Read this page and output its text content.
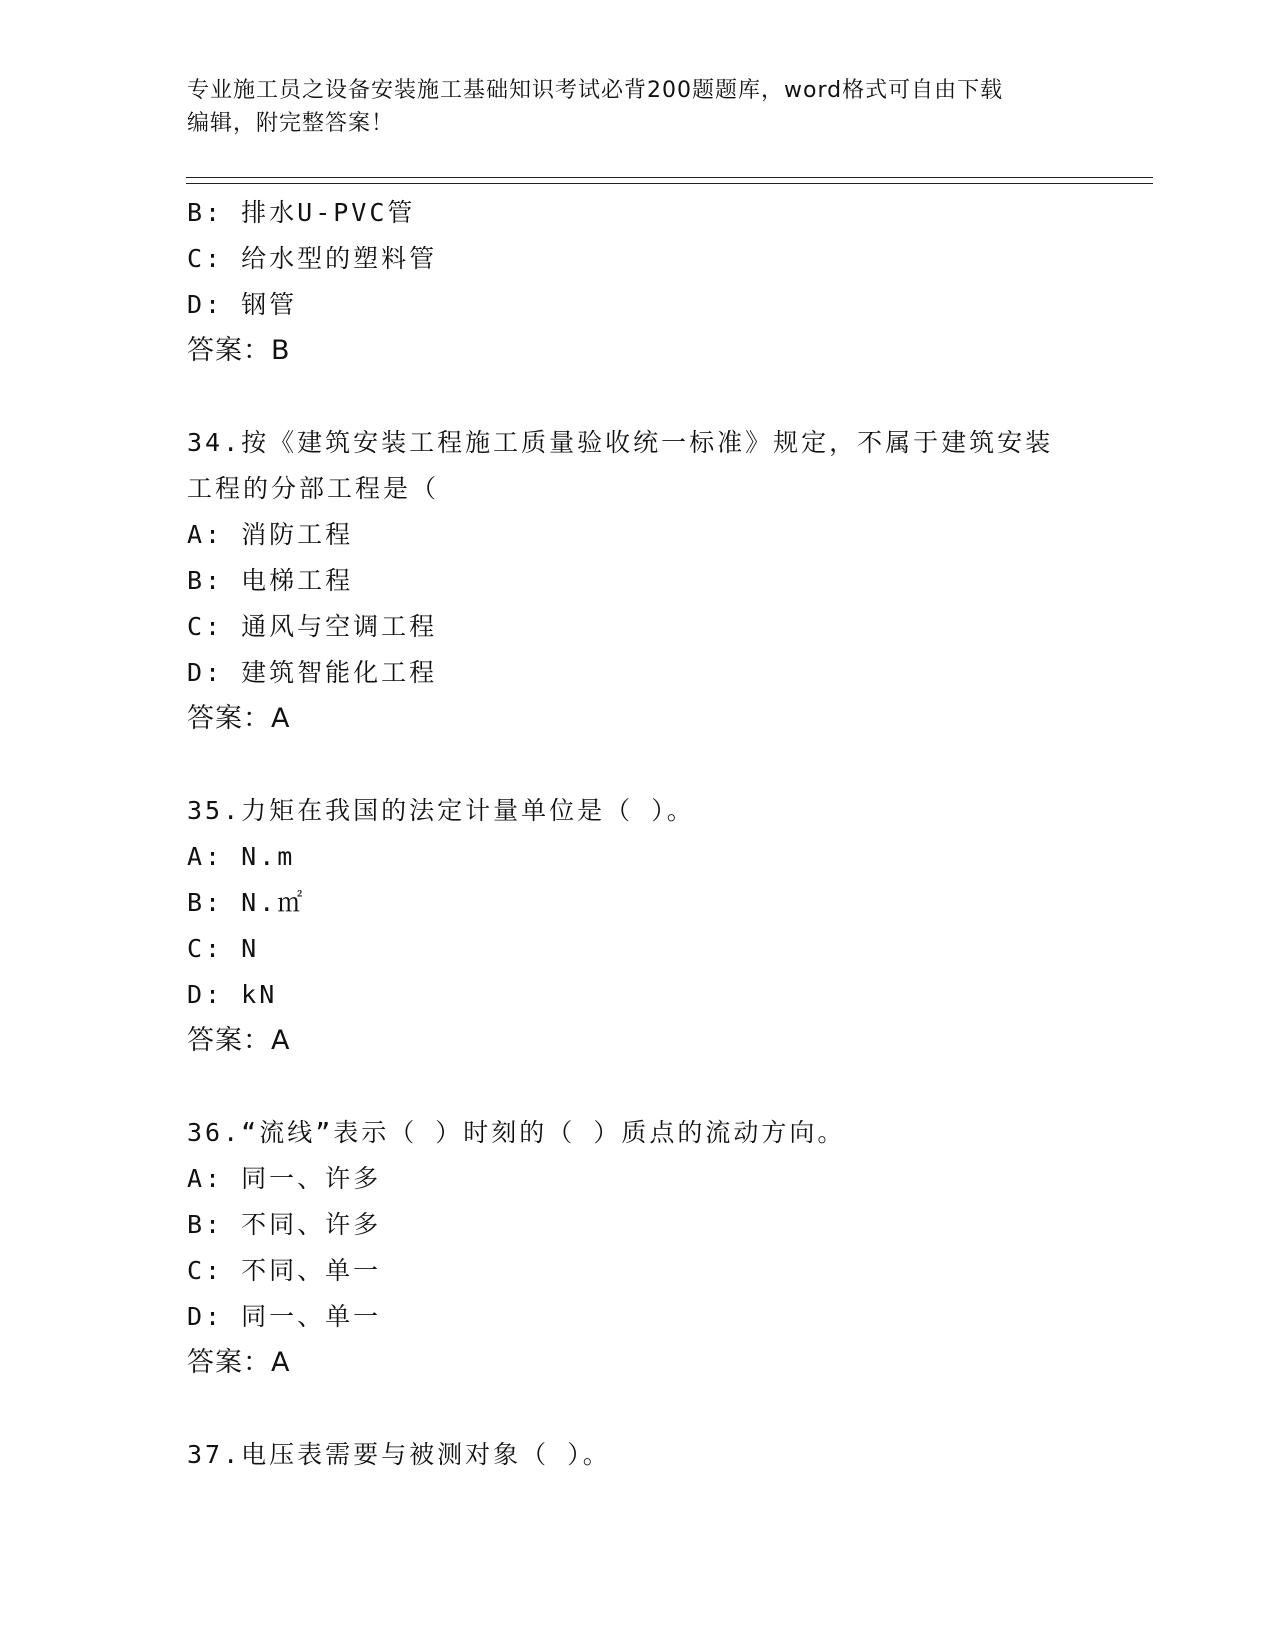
专业施工员之设备安装施工基础知识考试必背200题题库，word格式可自由下载
编辑，附完整答案！
B: 排水U-PVC管
C: 给水型的塑料管
D: 钢管
答案：B
34.按《建筑安装工程施工质量验收统一标准》规定，不属于建筑安装
工程的分部工程是（
A: 消防工程
B: 电梯工程
C: 通风与空调工程
D: 建筑智能化工程
答案：A
35.力矩在我国的法定计量单位是（ ）。
A: N.m
B: N.㎡
C: N
D: kN
答案：A
36.“流线”表示（ ）时刻的（ ）质点的流动方向。
A: 同一、许多
B: 不同、许多
C: 不同、单一
D: 同一、单一
答案：A
37.电压表需要与被测对象（ ）。
